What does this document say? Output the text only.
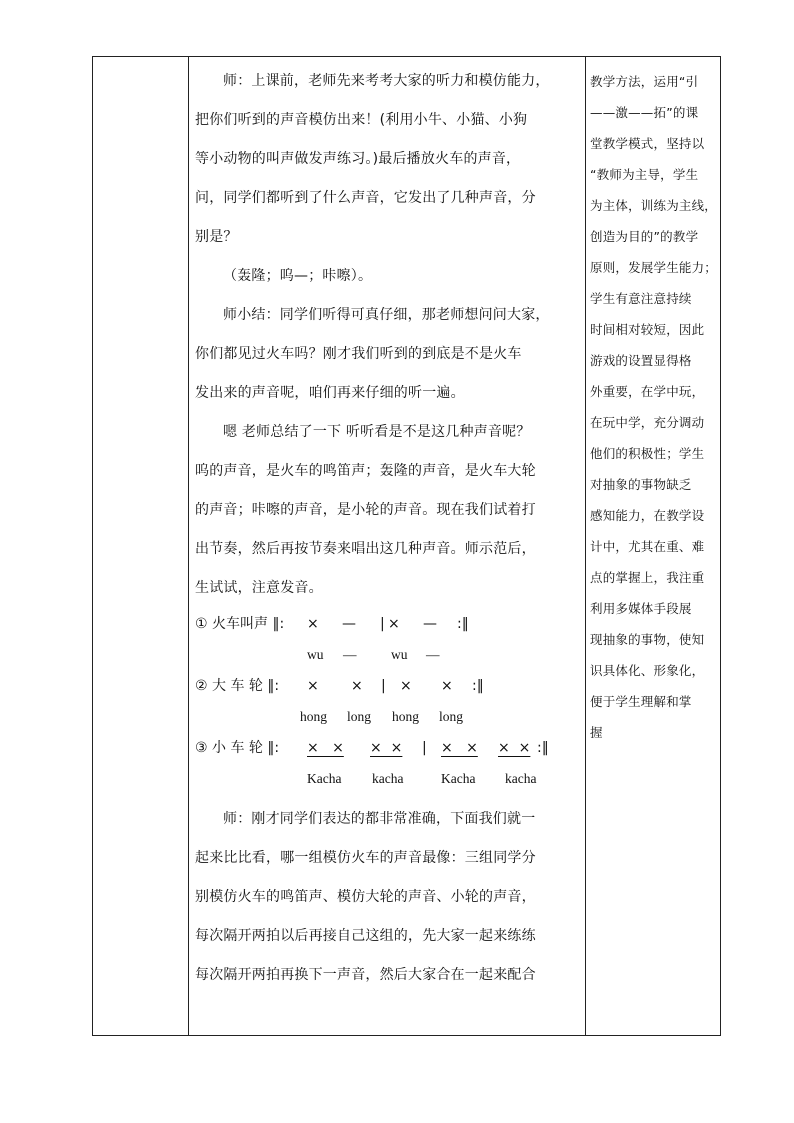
师：上课前，老师先来考考大家的听力和模仿能力，

把你们听到的声音模仿出来！(利用小牛、小猫、小狗

等小动物的叫声做发声练习。)最后播放火车的声音，

问，同学们都听到了什么声音，它发出了几种声音，分

别是？

（轰隆；呜—；咔嚓）。

师小结：同学们听得可真仔细，那老师想问问大家，

你们都见过火车吗？刚才我们听到的到底是不是火车

发出来的声音呢，咱们再来仔细的听一遍。

嗯 老师总结了一下 听听看是不是这几种声音呢？

呜的声音，是火车的鸣笛声；轰隆的声音，是火车大轮

的声音；咔嚓的声音，是小轮的声音。现在我们试着打

出节奏，然后再按节奏来唱出这几种声音。师示范后，

生试试，注意发音。

① 火车叫声 ‖: × — | × — :‖
wu —	wu —
② 大 车 轮 ‖: × × | × × :‖
hong long hong long
③ 小 车 轮 ‖: ×   × ×  × | ×   × ×  × :‖
Kacha kacha	Kacha kacha

师：刚才同学们表达的都非常准确，下面我们就一

起来比比看，哪一组模仿火车的声音最像：三组同学分

别模仿火车的鸣笛声、模仿大轮的声音、小轮的声音，

每次隔开两拍以后再接自己这组的，先大家一起来练练

每次隔开两拍再换下一声音，然后大家合在一起来配合

教学方法，运用“引

——激——拓”的课

堂教学模式，坚持以

“教师为主导，学生

为主体，训练为主线，

创造为目的”的教学

原则，发展学生能力；

学生有意注意持续

时间相对较短，因此

游戏的设置显得格

外重要，在学中玩，

在玩中学，充分调动

他们的积极性；学生

对抽象的事物缺乏

感知能力，在教学设

计中，尤其在重、难

点的掌握上，我注重

利用多媒体手段展

现抽象的事物，使知

识具体化、形象化，

便于学生理解和掌

握
